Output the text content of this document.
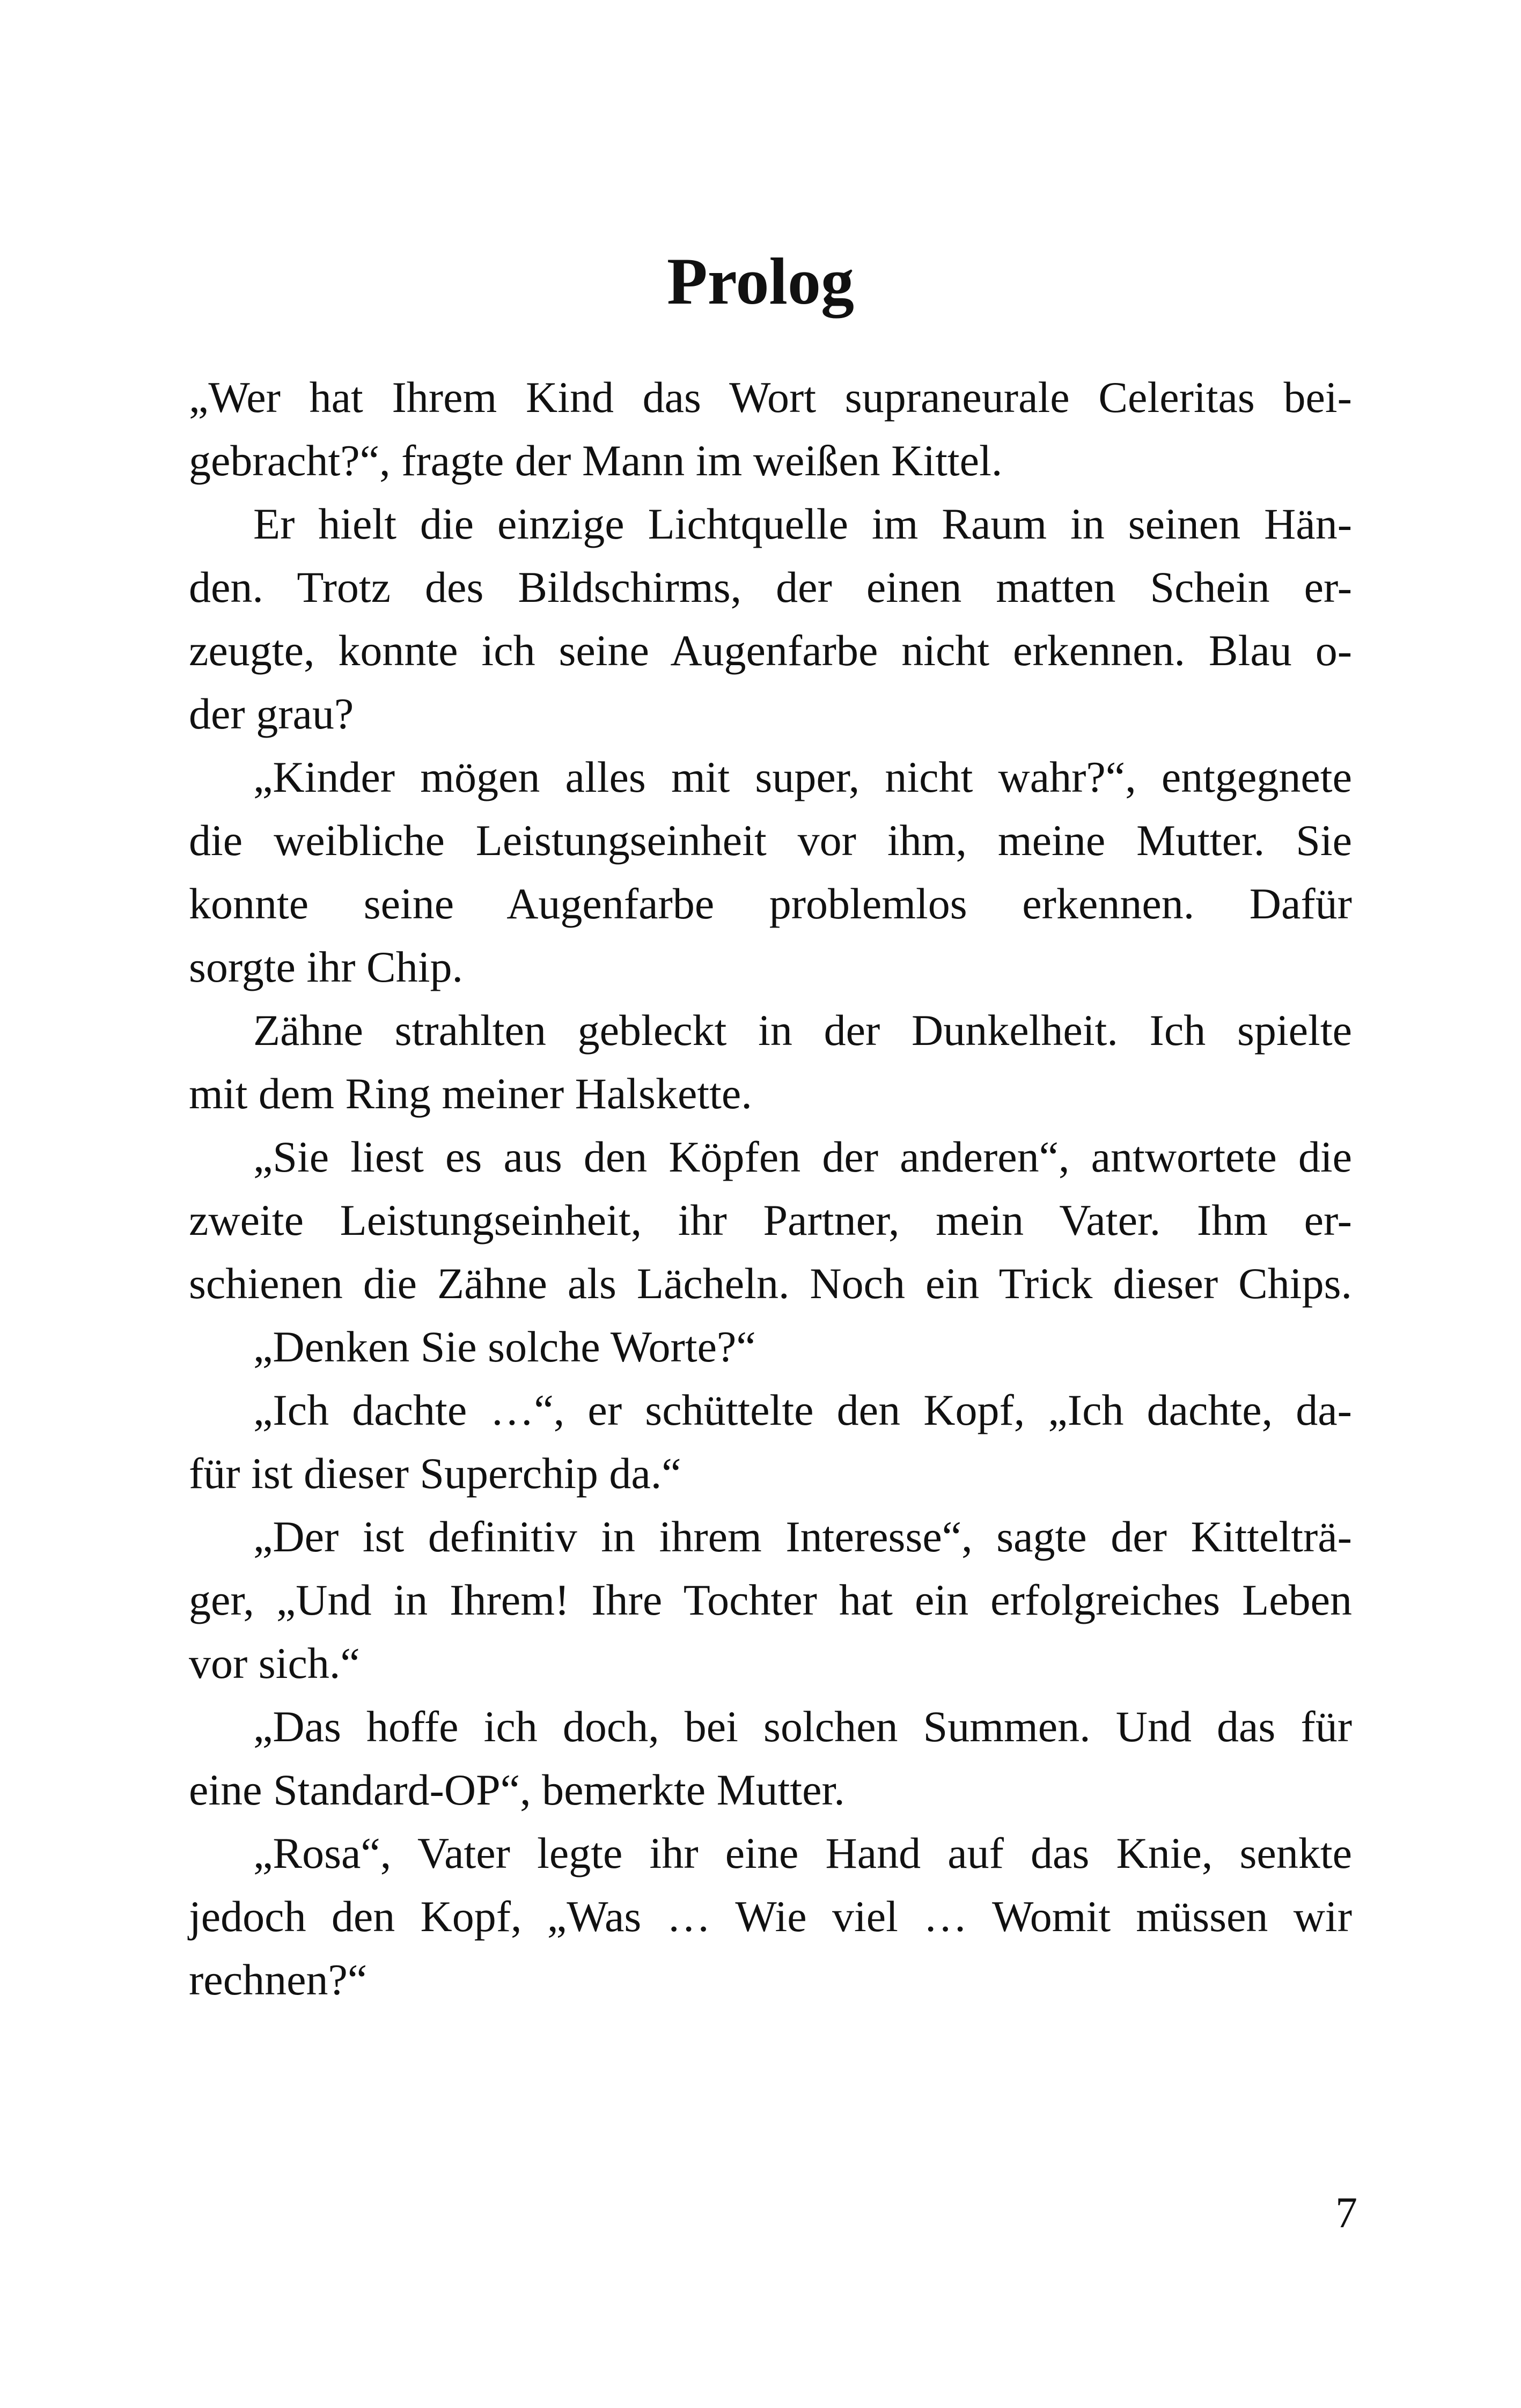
Prolog
„Wer hat Ihrem Kind das Wort supraneurale Celeritas bei-
gebracht?“, fragte der Mann im weißen Kittel.
Er hielt die einzige Lichtquelle im Raum in seinen Hän-
den. Trotz des Bildschirms, der einen matten Schein er-
zeugte, konnte ich seine Augenfarbe nicht erkennen. Blau o-
der grau?
„Kinder mögen alles mit super, nicht wahr?“, entgegnete
die weibliche Leistungseinheit vor ihm, meine Mutter. Sie
konnte seine Augenfarbe problemlos erkennen. Dafür
sorgte ihr Chip.
Zähne strahlten gebleckt in der Dunkelheit. Ich spielte
mit dem Ring meiner Halskette.
„Sie liest es aus den Köpfen der anderen“, antwortete die
zweite Leistungseinheit, ihr Partner, mein Vater. Ihm er-
schienen die Zähne als Lächeln. Noch ein Trick dieser Chips.
„Denken Sie solche Worte?“
„Ich dachte …“, er schüttelte den Kopf, „Ich dachte, da-
für ist dieser Superchip da.“
„Der ist definitiv in ihrem Interesse“, sagte der Kittelträ-
ger, „Und in Ihrem! Ihre Tochter hat ein erfolgreiches Leben
vor sich.“
„Das hoffe ich doch, bei solchen Summen. Und das für
eine Standard-OP“, bemerkte Mutter.
„Rosa“, Vater legte ihr eine Hand auf das Knie, senkte
jedoch den Kopf, „Was … Wie viel … Womit müssen wir
rechnen?“
7
